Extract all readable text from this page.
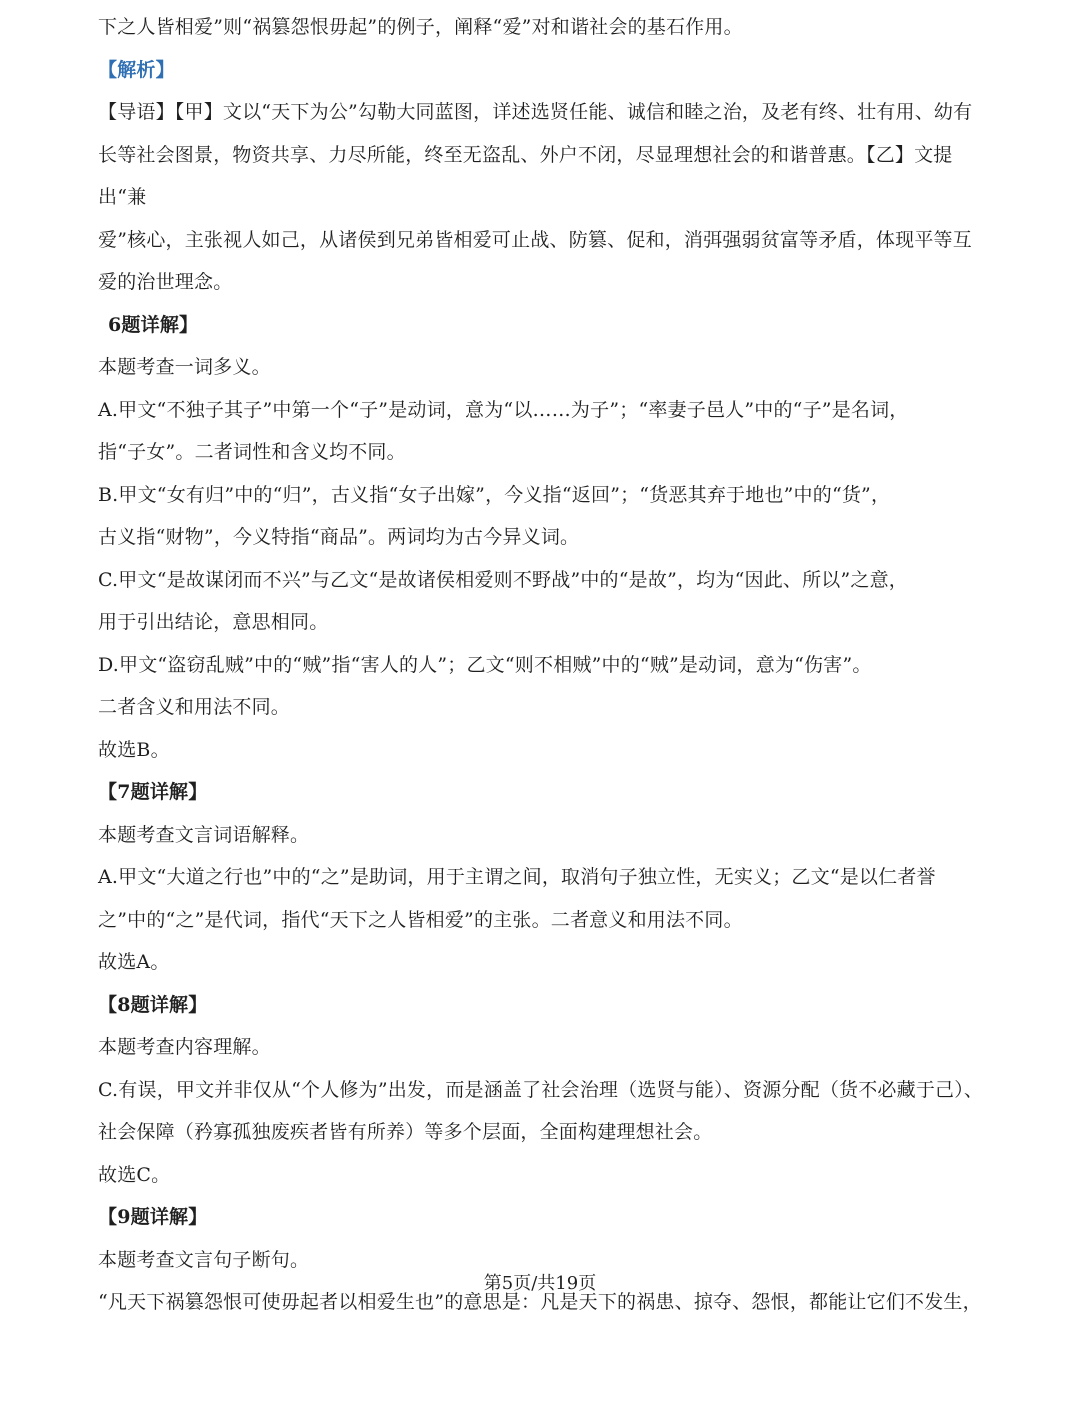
下之人皆相爱”则“祸篡怨恨毋起”的例子，阐释“爱”对和谐社会的基石作用。

【解析】

【导语】【甲】文以“天下为公”勾勒大同蓝图，详述选贤任能、诚信和睦之治，及老有终、壮有用、幼有

长等社会图景，物资共享、力尽所能，终至无盗乱、外户不闭，尽显理想社会的和谐普惠。【乙】文提出“兼

爱”核心，主张视人如己，从诸侯到兄弟皆相爱可止战、防篡、促和，消弭强弱贫富等矛盾，体现平等互

爱的治世理念。

6题详解】

本题考查一词多义。

A.甲文“不独子其子”中第一个“子”是动词，意为“以……为子”；“率妻子邑人”中的“子”是名词，

指“子女”。二者词性和含义均不同。

B.甲文“女有归”中的“归”，古义指“女子出嫁”，今义指“返回”；“货恶其弃于地也”中的“货”，

古义指“财物”，今义特指“商品”。两词均为古今异义词。

C.甲文“是故谋闭而不兴”与乙文“是故诸侯相爱则不野战”中的“是故”，均为“因此、所以”之意，

用于引出结论，意思相同。

D.甲文“盗窃乱贼”中的“贼”指“害人的人”；乙文“则不相贼”中的“贼”是动词，意为“伤害”。

二者含义和用法不同。

故选B。

【7题详解】

本题考查文言词语解释。

A.甲文“大道之行也”中的“之”是助词，用于主谓之间，取消句子独立性，无实义；乙文“是以仁者誉

之”中的“之”是代词，指代“天下之人皆相爱”的主张。二者意义和用法不同。

故选A。

【8题详解】

本题考查内容理解。

C.有误，甲文并非仅从“个人修为”出发，而是涵盖了社会治理（选贤与能）、资源分配（货不必藏于己）、

社会保障（矜寡孤独废疾者皆有所养）等多个层面，全面构建理想社会。

故选C。

【9题详解】

本题考查文言句子断句。

“凡天下祸篡怨恨可使毋起者以相爱生也”的意思是：凡是天下的祸患、掠夺、怨恨，都能让它们不发生，

第5页/共19页
